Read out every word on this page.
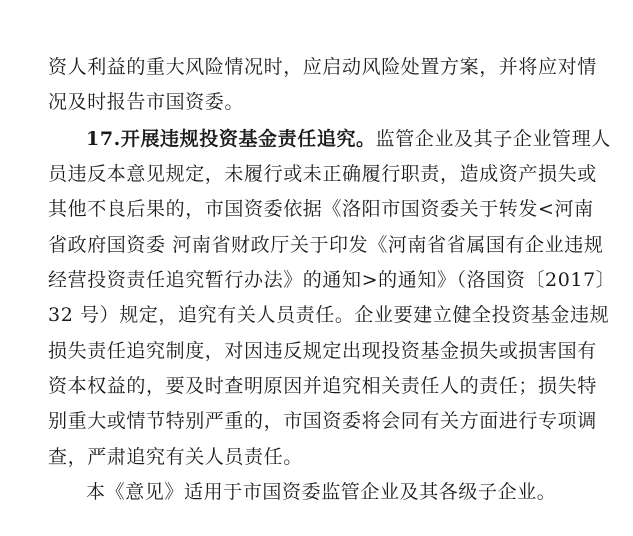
资人利益的重大风险情况时，应启动风险处置方案，并将应对情
况及时报告市国资委。
17.开展违规投资基金责任追究。监管企业及其子企业管理人
员违反本意见规定，未履行或未正确履行职责，造成资产损失或
其他不良后果的，市国资委依据《洛阳市国资委关于转发<河南
省政府国资委 河南省财政厅关于印发《河南省省属国有企业违规
经营投资责任追究暂行办法》的通知>的通知》（洛国资〔2017〕
32 号）规定，追究有关人员责任。企业要建立健全投资基金违规
损失责任追究制度，对因违反规定出现投资基金损失或损害国有
资本权益的，要及时查明原因并追究相关责任人的责任；损失特
别重大或情节特别严重的，市国资委将会同有关方面进行专项调
查，严肃追究有关人员责任。
本《意见》适用于市国资委监管企业及其各级子企业。
